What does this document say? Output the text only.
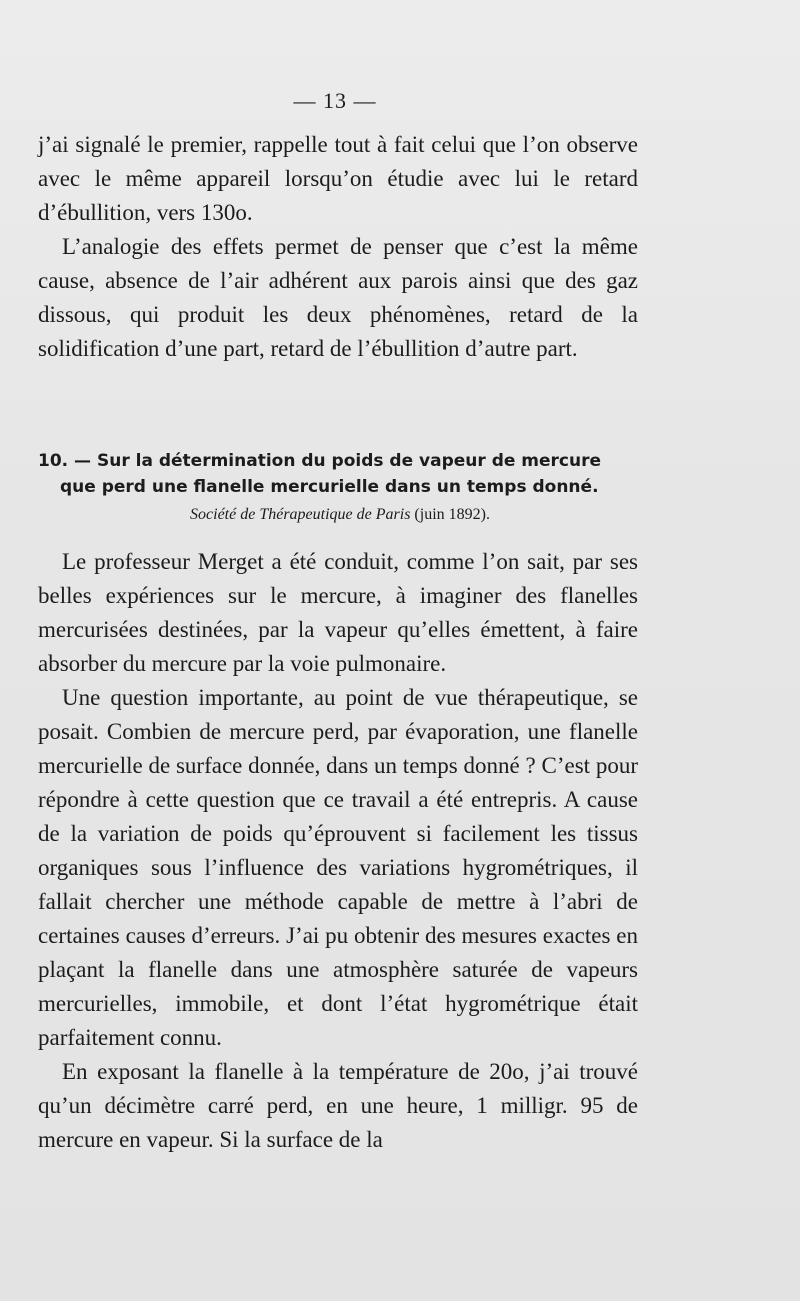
— 13 —

j’ai signalé le premier, rappelle tout à fait celui que l’on observe avec le même appareil lorsqu’on étudie avec lui le retard d’ébullition, vers 130o.

L’analogie des effets permet de penser que c’est la même cause, absence de l’air adhérent aux parois ainsi que des gaz dissous, qui produit les deux phénomènes, retard de la solidification d’une part, retard de l’ébullition d’autre part.

10. — Sur la détermination du poids de vapeur de mercure
que perd une flanelle mercurielle dans un temps donné.
Société de Thérapeutique de Paris (juin 1892).

Le professeur Merget a été conduit, comme l’on sait, par ses belles expériences sur le mercure, à imaginer des flanelles mercurisées destinées, par la vapeur qu’elles émettent, à faire absorber du mercure par la voie pulmonaire.

Une question importante, au point de vue thérapeutique, se posait. Combien de mercure perd, par évaporation, une flanelle mercurielle de surface donnée, dans un temps donné ? C’est pour répondre à cette question que ce travail a été entrepris. A cause de la variation de poids qu’éprouvent si facilement les tissus organiques sous l’influence des variations hygrométriques, il fallait chercher une méthode capable de mettre à l’abri de certaines causes d’erreurs. J’ai pu obtenir des mesures exactes en plaçant la flanelle dans une atmosphère saturée de vapeurs mercurielles, immobile, et dont l’état hygrométrique était parfaitement connu.

En exposant la flanelle à la température de 20o, j’ai trouvé qu’un décimètre carré perd, en une heure, 1 milligr. 95 de mercure en vapeur. Si la surface de la
